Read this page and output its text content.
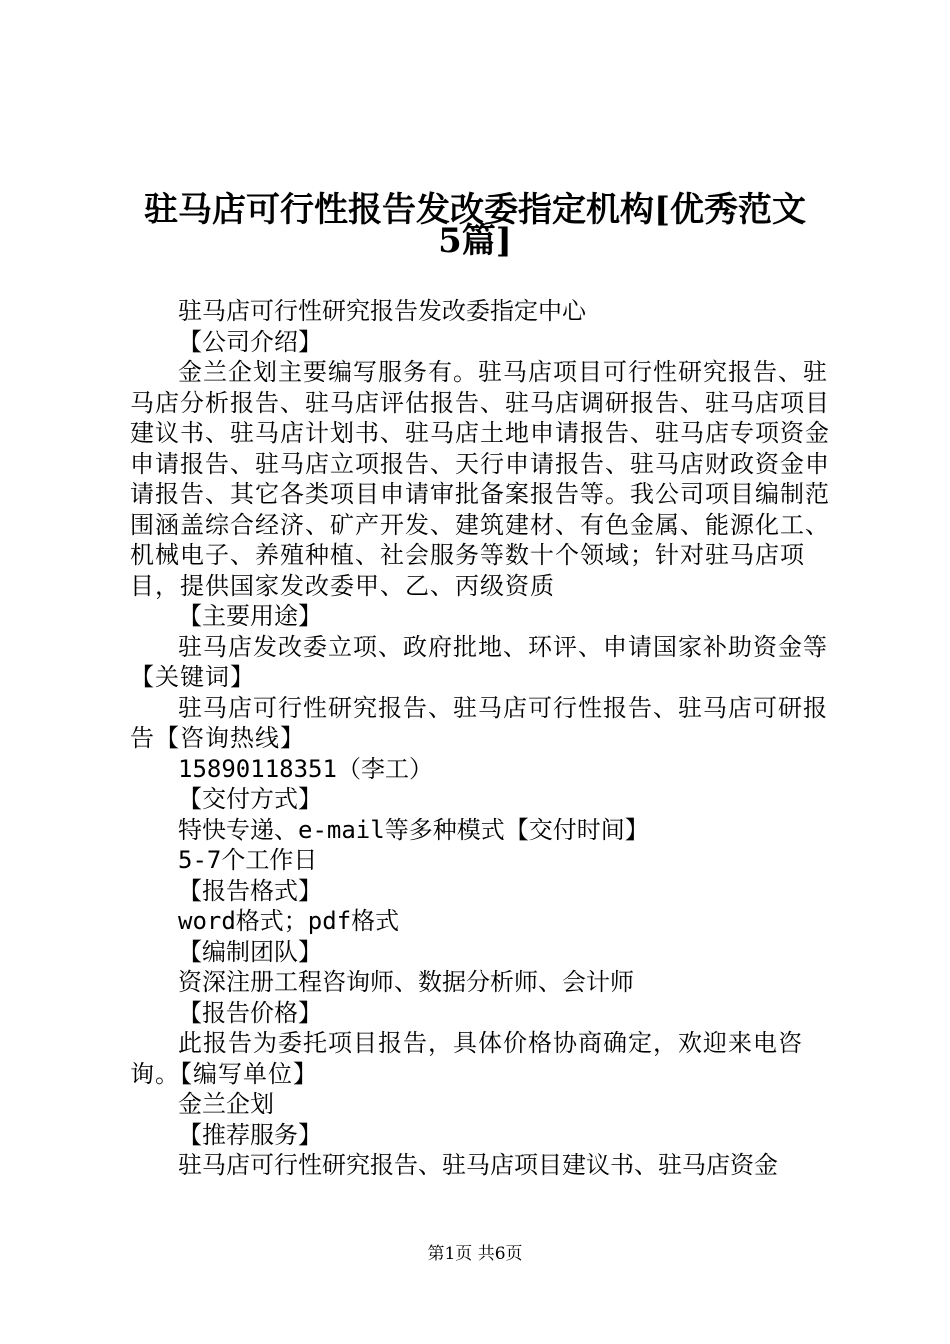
驻马店可行性报告发改委指定机构[优秀范文
5篇]
驻马店可行性研究报告发改委指定中心
【公司介绍】
金兰企划主要编写服务有。驻马店项目可行性研究报告、驻马店分析报告、驻马店评估报告、驻马店调研报告、驻马店项目建议书、驻马店计划书、驻马店土地申请报告、驻马店专项资金申请报告、驻马店立项报告、天行申请报告、驻马店财政资金申请报告、其它各类项目申请审批备案报告等。我公司项目编制范围涵盖综合经济、矿产开发、建筑建材、有色金属、能源化工、机械电子、养殖种植、社会服务等数十个领域；针对驻马店项目，提供国家发改委甲、乙、丙级资质
【主要用途】
驻马店发改委立项、政府批地、环评、申请国家补助资金等【关键词】
驻马店可行性研究报告、驻马店可行性报告、驻马店可研报告【咨询热线】
15890118351（李工）
【交付方式】
特快专递、e-mail等多种模式【交付时间】
5-7个工作日
【报告格式】
word格式；pdf格式
【编制团队】
资深注册工程咨询师、数据分析师、会计师
【报告价格】
此报告为委托项目报告，具体价格协商确定，欢迎来电咨询。【编写单位】
金兰企划
【推荐服务】
驻马店可行性研究报告、驻马店项目建议书、驻马店资金
第1页 共6页
